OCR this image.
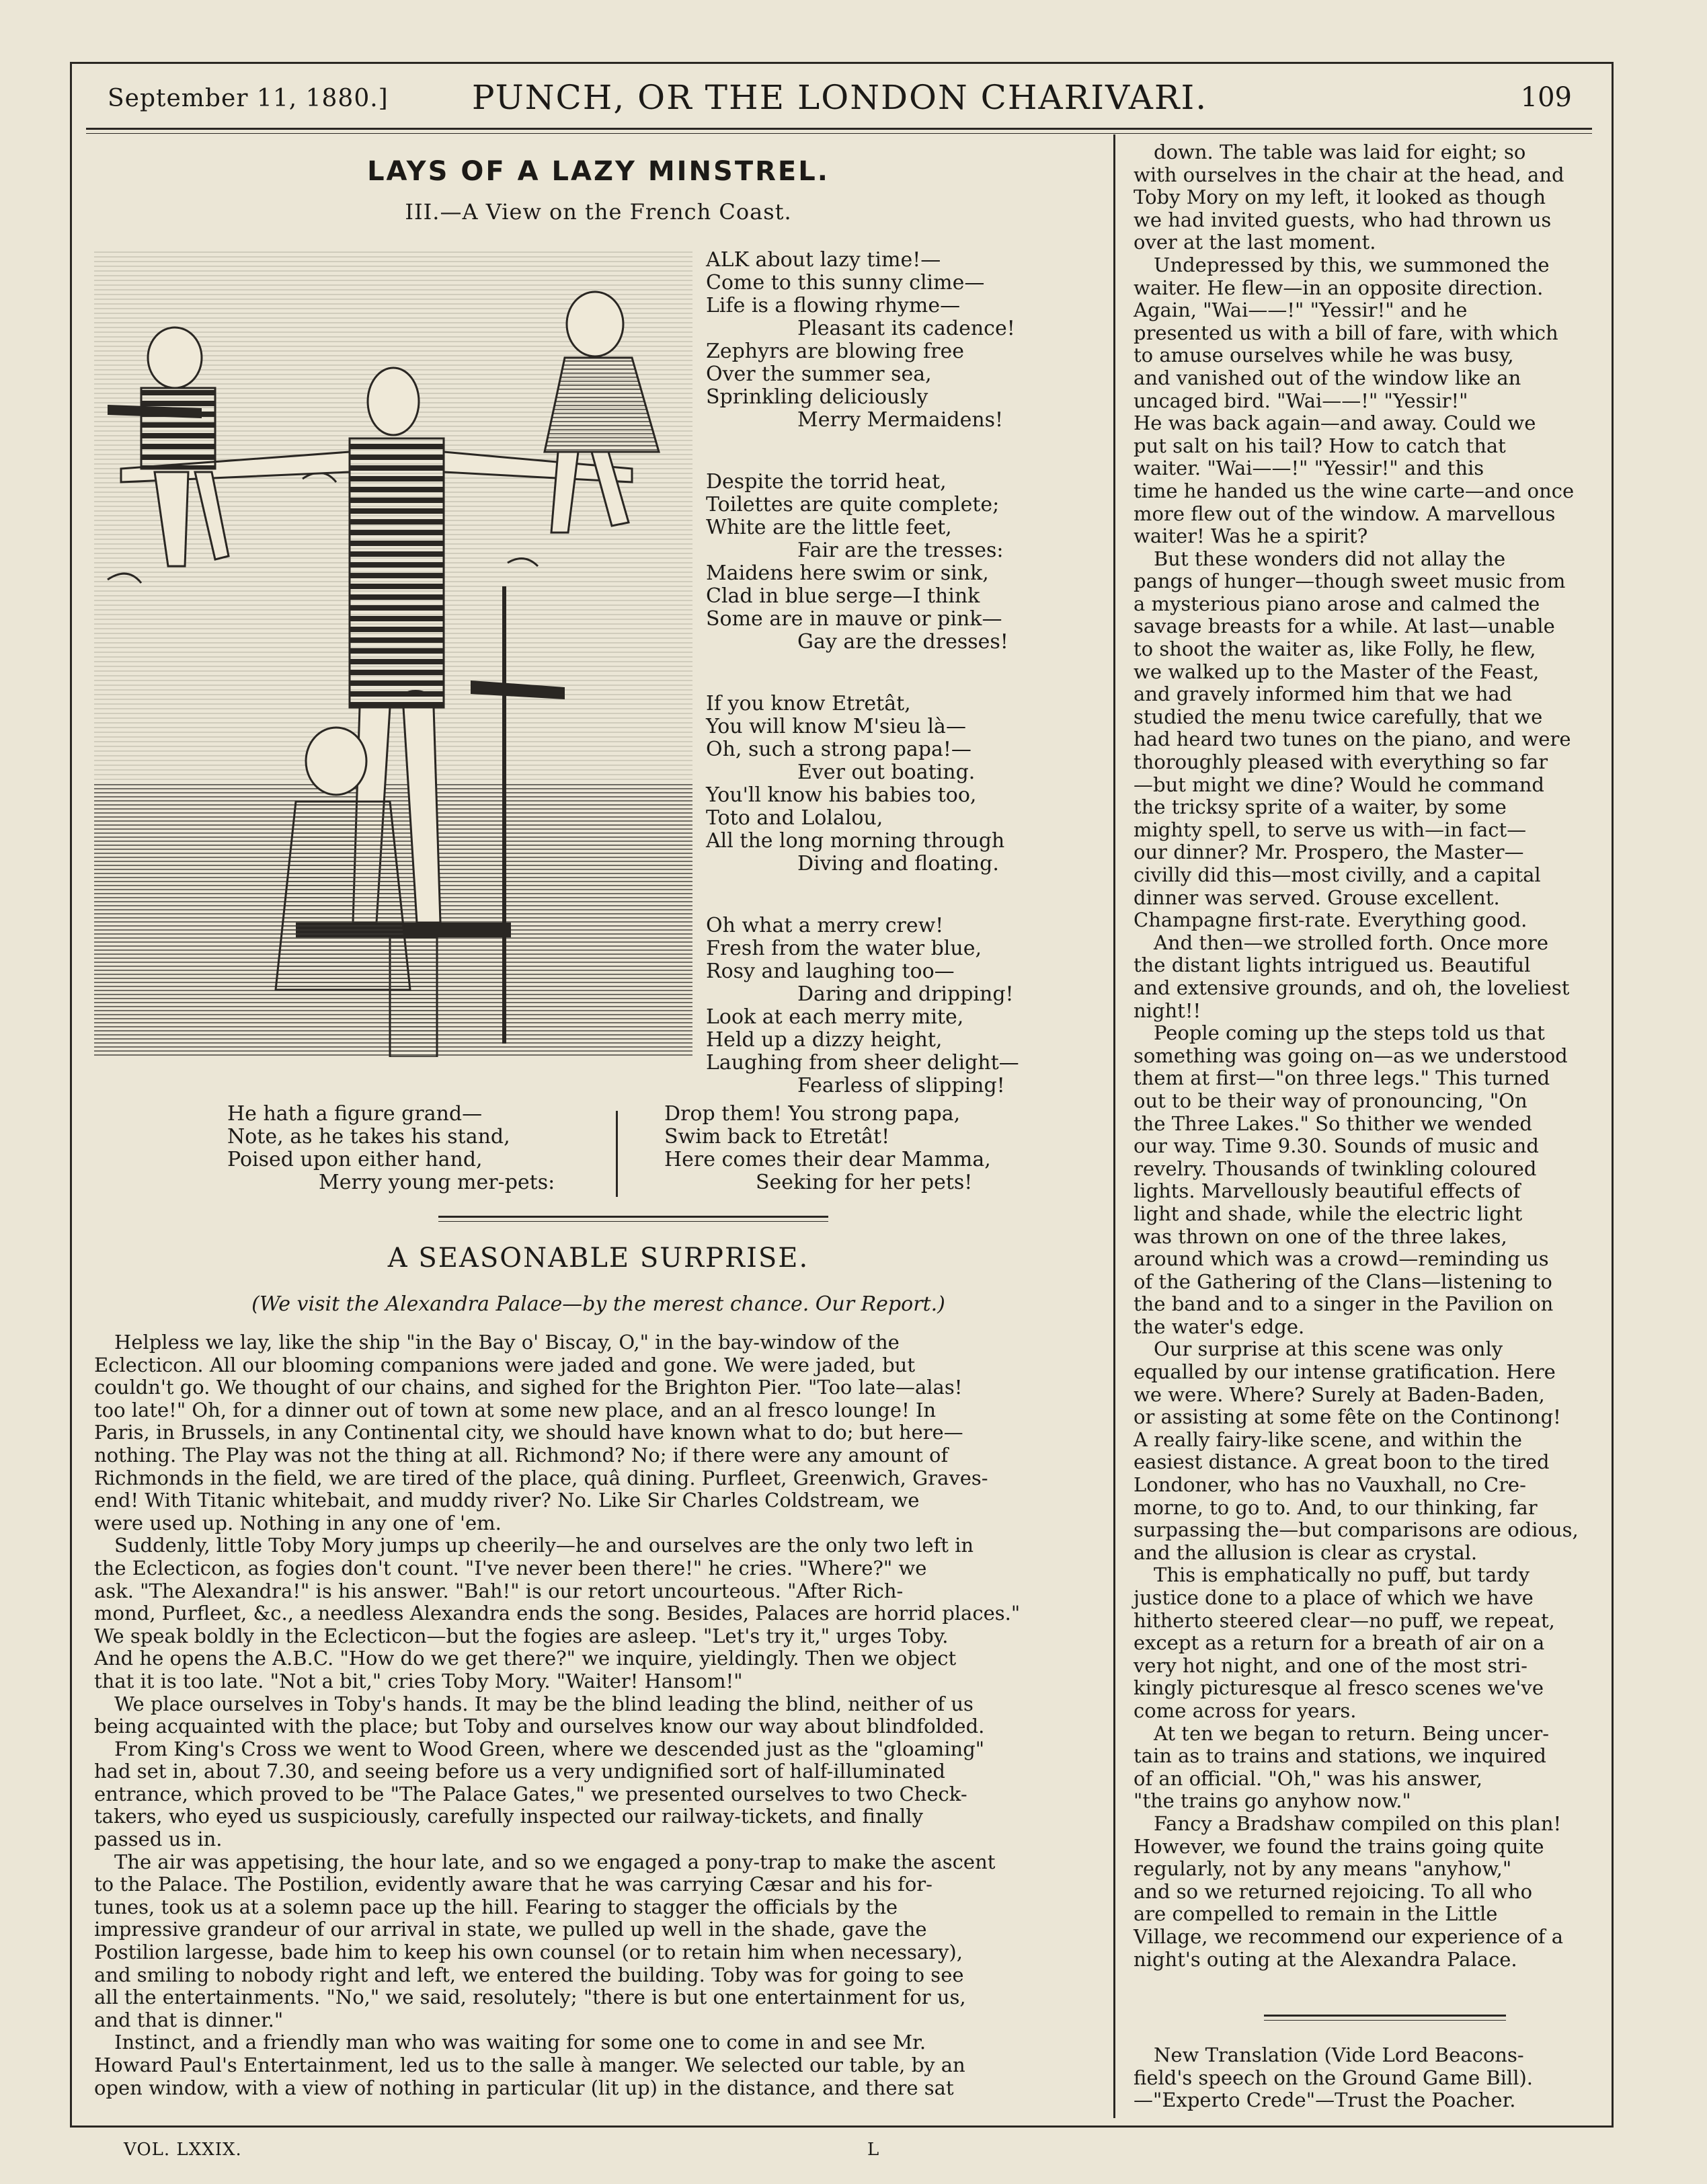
September 11, 1880.]	PUNCH, OR THE LONDON CHARIVARI.	109
LAYS OF A LAZY MINSTREL.
III.—A View on the French Coast.
ALK about lazy time!—
Come to this sunny clime—
Life is a flowing rhyme—
Pleasant its cadence!
Zephyrs are blowing free
Over the summer sea,
Sprinkling deliciously
Merry Mermaidens!
Despite the torrid heat,
Toilettes are quite complete;
White are the little feet,
Fair are the tresses:
Maidens here swim or sink,
Clad in blue serge—I think
Some are in mauve or pink—
Gay are the dresses!
If you know Etretât,
You will know M'sieu là—
Oh, such a strong papa!—
Ever out boating.
You'll know his babies too,
Toto and Lolalou,
All the long morning through
Diving and floating.
Oh what a merry crew!
Fresh from the water blue,
Rosy and laughing too—
Daring and dripping!
Look at each merry mite,
Held up a dizzy height,
Laughing from sheer delight—
Fearless of slipping!
He hath a figure grand—
Note, as he takes his stand,
Poised upon either hand,
Merry young mer-pets:
Drop them! You strong papa,
Swim back to Etretât!
Here comes their dear Mamma,
Seeking for her pets!
A SEASONABLE SURPRISE.
(We visit the Alexandra Palace—by the merest chance. Our Report.)
Helpless we lay, like the ship "in the Bay o' Biscay, O," in the bay-window of the
Eclecticon. All our blooming companions were jaded and gone. We were jaded, but
couldn't go. We thought of our chains, and sighed for the Brighton Pier. "Too late—alas!
too late!" Oh, for a dinner out of town at some new place, and an al fresco lounge! In
Paris, in Brussels, in any Continental city, we should have known what to do; but here—
nothing. The Play was not the thing at all. Richmond? No; if there were any amount of
Richmonds in the field, we are tired of the place, quâ dining. Purfleet, Greenwich, Graves-
end! With Titanic whitebait, and muddy river? No. Like Sir Charles Coldstream, we
were used up. Nothing in any one of 'em.
Suddenly, little Toby Mory jumps up cheerily—he and ourselves are the only two left in
the Eclecticon, as fogies don't count. "I've never been there!" he cries. "Where?" we
ask. "The Alexandra!" is his answer. "Bah!" is our retort uncourteous. "After Rich-
mond, Purfleet, &c., a needless Alexandra ends the song. Besides, Palaces are horrid places."
We speak boldly in the Eclecticon—but the fogies are asleep. "Let's try it," urges Toby.
And he opens the A.B.C. "How do we get there?" we inquire, yieldingly. Then we object
that it is too late. "Not a bit," cries Toby Mory. "Waiter! Hansom!"
We place ourselves in Toby's hands. It may be the blind leading the blind, neither of us
being acquainted with the place; but Toby and ourselves know our way about blindfolded.
From King's Cross we went to Wood Green, where we descended just as the "gloaming"
had set in, about 7.30, and seeing before us a very undignified sort of half-illuminated
entrance, which proved to be "The Palace Gates," we presented ourselves to two Check-
takers, who eyed us suspiciously, carefully inspected our railway-tickets, and finally
passed us in.
The air was appetising, the hour late, and so we engaged a pony-trap to make the ascent
to the Palace. The Postilion, evidently aware that he was carrying Cæsar and his for-
tunes, took us at a solemn pace up the hill. Fearing to stagger the officials by the
impressive grandeur of our arrival in state, we pulled up well in the shade, gave the
Postilion largesse, bade him to keep his own counsel (or to retain him when necessary),
and smiling to nobody right and left, we entered the building. Toby was for going to see
all the entertainments. "No," we said, resolutely; "there is but one entertainment for us,
and that is dinner."
Instinct, and a friendly man who was waiting for some one to come in and see Mr.
Howard Paul's Entertainment, led us to the salle à manger. We selected our table, by an
open window, with a view of nothing in particular (lit up) in the distance, and there sat
down. The table was laid for eight; so
with ourselves in the chair at the head, and
Toby Mory on my left, it looked as though
we had invited guests, who had thrown us
over at the last moment.
Undepressed by this, we summoned the
waiter. He flew—in an opposite direction.
Again, "Wai——!" "Yessir!" and he
presented us with a bill of fare, with which
to amuse ourselves while he was busy,
and vanished out of the window like an
uncaged bird. "Wai——!" "Yessir!"
He was back again—and away. Could we
put salt on his tail? How to catch that
waiter. "Wai——!" "Yessir!" and this
time he handed us the wine carte—and once
more flew out of the window. A marvellous
waiter! Was he a spirit?
But these wonders did not allay the
pangs of hunger—though sweet music from
a mysterious piano arose and calmed the
savage breasts for a while. At last—unable
to shoot the waiter as, like Folly, he flew,
we walked up to the Master of the Feast,
and gravely informed him that we had
studied the menu twice carefully, that we
had heard two tunes on the piano, and were
thoroughly pleased with everything so far
—but might we dine? Would he command
the tricksy sprite of a waiter, by some
mighty spell, to serve us with—in fact—
our dinner? Mr. Prospero, the Master—
civilly did this—most civilly, and a capital
dinner was served. Grouse excellent.
Champagne first-rate. Everything good.
And then—we strolled forth. Once more
the distant lights intrigued us. Beautiful
and extensive grounds, and oh, the loveliest
night!!
People coming up the steps told us that
something was going on—as we understood
them at first—"on three legs." This turned
out to be their way of pronouncing, "On
the Three Lakes." So thither we wended
our way. Time 9.30. Sounds of music and
revelry. Thousands of twinkling coloured
lights. Marvellously beautiful effects of
light and shade, while the electric light
was thrown on one of the three lakes,
around which was a crowd—reminding us
of the Gathering of the Clans—listening to
the band and to a singer in the Pavilion on
the water's edge.
Our surprise at this scene was only
equalled by our intense gratification. Here
we were. Where? Surely at Baden-Baden,
or assisting at some fête on the Continong!
A really fairy-like scene, and within the
easiest distance. A great boon to the tired
Londoner, who has no Vauxhall, no Cre-
morne, to go to. And, to our thinking, far
surpassing the—but comparisons are odious,
and the allusion is clear as crystal.
This is emphatically no puff, but tardy
justice done to a place of which we have
hitherto steered clear—no puff, we repeat,
except as a return for a breath of air on a
very hot night, and one of the most stri-
kingly picturesque al fresco scenes we've
come across for years.
At ten we began to return. Being uncer-
tain as to trains and stations, we inquired
of an official. "Oh," was his answer,
"the trains go anyhow now."
Fancy a Bradshaw compiled on this plan!
However, we found the trains going quite
regularly, not by any means "anyhow,"
and so we returned rejoicing. To all who
are compelled to remain in the Little
Village, we recommend our experience of a
night's outing at the Alexandra Palace.
New Translation (Vide Lord Beacons-
field's speech on the Ground Game Bill).
—"Experto Crede"—Trust the Poacher.
VOL. LXXIX.	L
